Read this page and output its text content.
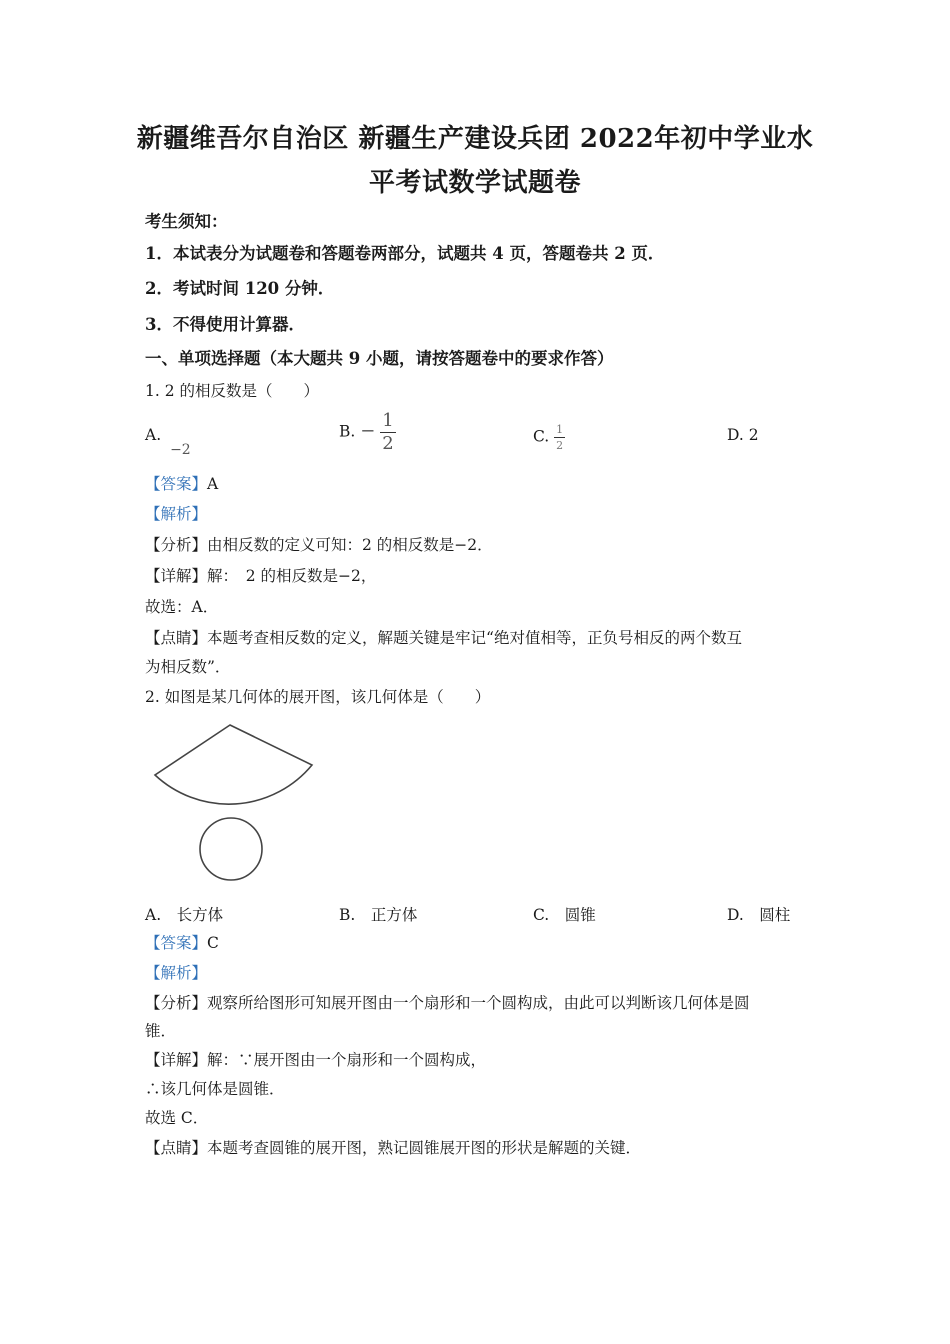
新疆维吾尔自治区 新疆生产建设兵团 2022年初中学业水
平考试数学试题卷
考生须知：
1．本试表分为试题卷和答题卷两部分，试题共 4 页，答题卷共 2 页．
2．考试时间 120 分钟．
3．不得使用计算器．
一、单项选择题（本大题共 9 小题，请按答题卷中的要求作答）
1. 2 的相反数是（　　）
A. −2
B. − $\frac{1}{2}$	C. $\frac{1}{2}$	D. 2
【答案】A
【解析】
【分析】由相反数的定义可知：2 的相反数是−2．
【详解】解：　2 的相反数是−2，
故选：A．
【点睛】本题考查相反数的定义，解题关键是牢记“绝对值相等，正负号相反的两个数互
为相反数”．
2. 如图是某几何体的展开图，该几何体是（　　）
A.　长方体	B.　正方体	C.　圆锥	D.　圆柱
【答案】C
【解析】
【分析】观察所给图形可知展开图由一个扇形和一个圆构成，由此可以判断该几何体是圆
锥．
【详解】解：∵展开图由一个扇形和一个圆构成，
∴该几何体是圆锥．
故选 C．
【点睛】本题考查圆锥的展开图，熟记圆锥展开图的形状是解题的关键．
